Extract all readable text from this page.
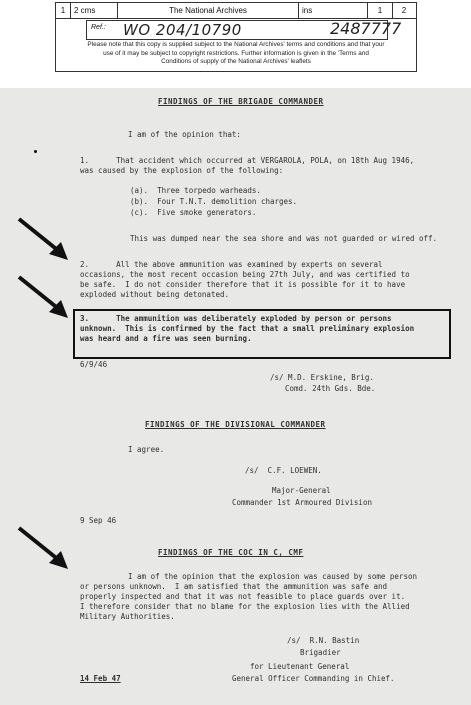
1	2 cms	The National Archives	ins	1	2
Ref.: WO 204/10790	2487777
Please note that this copy is supplied subject to the National Archives' terms and conditions and that your
use of it may be subject to copyright restrictions. Further information is given in the 'Terms and
Conditions of supply of the National Archives' leaflets
FINDINGS OF THE BRIGADE COMMANDER
I am of the opinion that:
1.      That accident which occurred at VERGAROLA, POLA, on 18th Aug 1946,
was caused by the explosion of the following:
(a).  Three torpedo warheads.
(b).  Four T.N.T. demolition charges.
(c).  Five smoke generators.
This was dumped near the sea shore and was not guarded or wired off.
2.      All the above ammunition was examined by experts on several
occasions, the most recent occasion being 27th July, and was certified to
be safe.  I do not consider therefore that it is possible for it to have
exploded without being detonated.
3.      The ammunition was deliberately exploded by person or persons
unknown.  This is confirmed by the fact that a small preliminary explosion
was heard and a fire was seen burning.
6/9/46
/s/ M.D. Erskine, Brig.
Comd. 24th Gds. Bde.
FINDINGS OF THE DIVISIONAL COMMANDER
I agree.
/s/  C.F. LOEWEN.
Major-General
Commander 1st Armoured Division
9 Sep 46
FINDINGS OF THE COC IN C, CMF
I am of the opinion that the explosion was caused by some person
or persons unknown.  I am satisfied that the ammunition was safe and
properly inspected and that it was not feasible to place guards over it.
I therefore consider that no blame for the explosion lies with the Allied
Military Authorities.
/s/  R.N. Bastin
Brigadier
for Lieutenant General
General Officer Commanding in Chief.
14 Feb 47
